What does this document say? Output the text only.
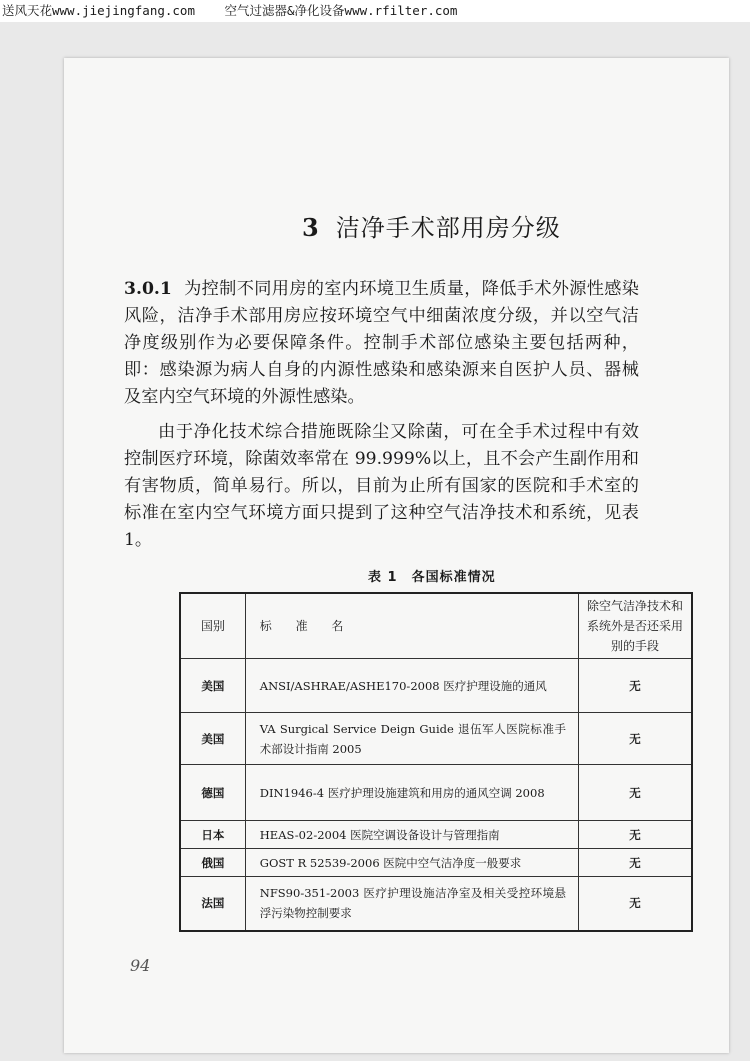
送风天花www.jiejingfang.com 空气过滤器&净化设备www.rfilter.com
3 洁净手术部用房分级
3.0.1 为控制不同用房的室内环境卫生质量，降低手术外源性感染风险，洁净手术部用房应按环境空气中细菌浓度分级，并以空气洁净度级别作为必要保障条件。控制手术部位感染主要包括两种，即：感染源为病人自身的内源性感染和感染源来自医护人员、器械及室内空气环境的外源性感染。
由于净化技术综合措施既除尘又除菌，可在全手术过程中有效控制医疗环境，除菌效率常在 99.999%以上，且不会产生副作用和有害物质，简单易行。所以，目前为止所有国家的医院和手术室的标准在室内空气环境方面只提到了这种空气洁净技术和系统，见表 1。
表 1　各国标准情况
国别	标 准 名	除空气洁净技术和系统外是否还采用别的手段
美国	ANSI/ASHRAE/ASHE170-2008 医疗护理设施的通风	无
美国	VA Surgical Service Deign Guide 退伍军人医院标准手术部设计指南 2005	无
德国	DIN1946-4 医疗护理设施建筑和用房的通风空调 2008	无
日本	HEAS-02-2004 医院空调设备设计与管理指南	无
俄国	GOST R 52539-2006 医院中空气洁净度一般要求	无
法国	NFS90-351-2003 医疗护理设施洁净室及相关受控环境悬浮污染物控制要求	无
94
